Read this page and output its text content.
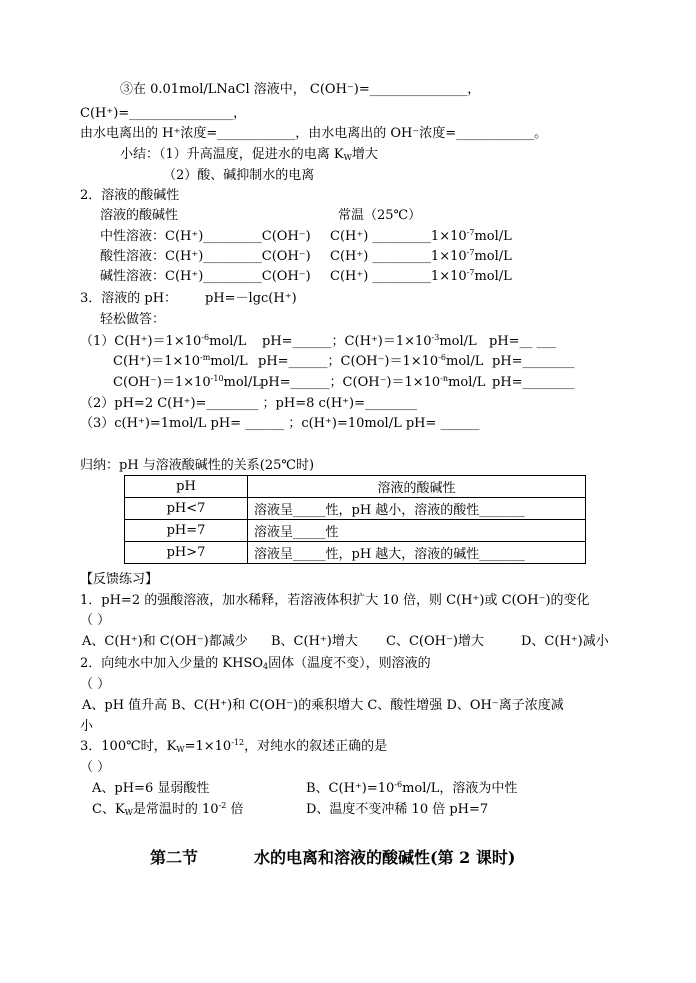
③在 0.01mol/LNaCl 溶液中， C(OH⁻)=_______________，
C(H⁺)=________________，
由水电离出的 H⁺浓度=____________，由水电离出的 OH⁻浓度=____________。
小结：（1）升高温度，促进水的电离 $K_W$增大
（2）酸、碱抑制水的电离
2．溶液的酸碱性
溶液的酸碱性	常温（25℃）
中性溶液：C(H⁺)_________C(OH⁻) C(H⁺) $\_\_\_\_\_\_\_\_\_1\times 10^{-7}mol/L$
酸性溶液：C(H⁺)_________C(OH⁻) C(H⁺) $\_\_\_\_\_\_\_\_\_1\times 10^{-7}mol/L$
碱性溶液：C(H⁺)_________C(OH⁻) C(H⁺) $\_\_\_\_\_\_\_\_\_1\times 10^{-7}mol/L$
3．溶液的 pH： pH=－lgc(H⁺)
轻松做答：
$(1)C(H^+)=1\times 10^{-6}mol/L$ pH=______；$C(H^+)=1\times 10^{-3}mol/L$ pH=__ ___
$C(H^+)=1\times 10^{-m}mol/L$ pH=______；$C(OH^-)=1\times 10^{-6}mol/L$ pH=________
$C(OH^-)=1\times 10^{-10}mol/L$ pH=______；$C(OH^-)=1\times 10^{-n}mol/L$ pH=________
（2）pH=2 C(H⁺)=________ ；pH=8 c(H⁺)=________
（3）c(H⁺)=1mol/L pH= ______ ；c(H⁺)=10mol/L pH= ______
归纳：pH 与溶液酸碱性的关系(25℃时)
pH	溶液的酸碱性
pH<7	溶液呈_____性，pH 越小，溶液的酸性_______
pH=7	溶液呈_____性
pH>7	溶液呈_____性，pH 越大，溶液的碱性_______
【反馈练习】
1．pH=2 的强酸溶液，加水稀释，若溶液体积扩大 10 倍，则 C(H⁺)或 C(OH⁻)的变化
（ ）
A、C(H⁺)和 C(OH⁻)都减少 B、C(H⁺)增大 C、C(OH⁻)增大	D、C(H⁺)减小
2．向纯水中加入少量的 $KHSO_4$固体（温度不变），则溶液的
（ ）
A、pH 值升高 B、C(H⁺)和 C(OH⁻)的乘积增大 C、酸性增强 D、OH⁻离子浓度减
小
3．100℃时，$K_W=1\times 10^{-12}$，对纯水的叙述正确的是
（ ）
A、pH=6 显弱酸性	B、$C(H^+)=10^{-6}mol/L$，溶液为中性
C、$K_W$是常温时的 $10^{-2}$ 倍	D、温度不变冲稀 10 倍 pH=7
第二节	水的电离和溶液的酸碱性(第 2 课时)
